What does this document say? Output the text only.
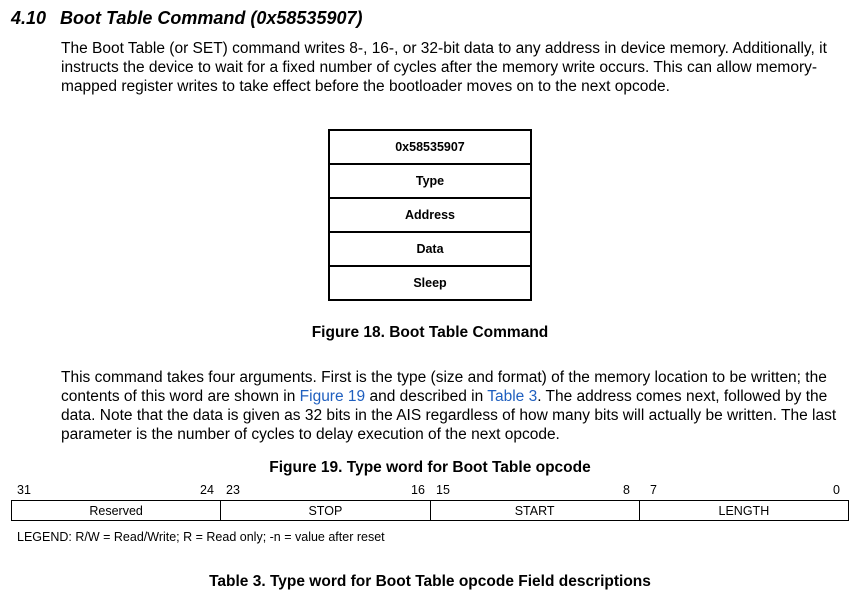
4.10 Boot Table Command (0x58535907)

The Boot Table (or SET) command writes 8-, 16-, or 32-bit data to any address in device memory. Additionally, it instructs the device to wait for a fixed number of cycles after the memory write occurs. This can allow memory-mapped register writes to take effect before the bootloader moves on to the next opcode.

0x58535907
Type
Address
Data
Sleep
Figure 18. Boot Table Command

This command takes four arguments. First is the type (size and format) of the memory location to be written; the contents of this word are shown in Figure 19 and described in Table 3. The address comes next, followed by the data. Note that the data is given as 32 bits in the AIS regardless of how many bits will actually be written. The last parameter is the number of cycles to delay execution of the next opcode.

Figure 19. Type word for Boot Table opcode
31	24 23	16 15	8 7	0
Reserved	STOP	START	LENGTH
LEGEND: R/W = Read/Write; R = Read only; -n = value after reset
Table 3. Type word for Boot Table opcode Field descriptions
